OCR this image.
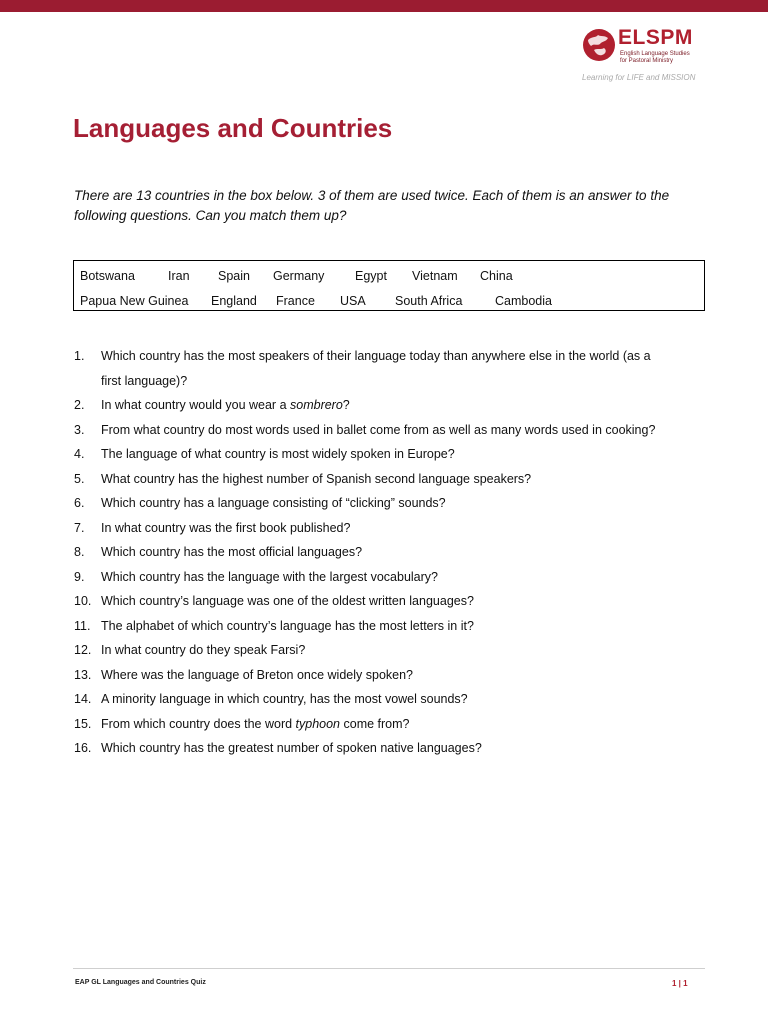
ELSPM
English Language Studies
for Pastoral Ministry
Learning for LIFE and MISSION
Languages and Countries
There are 13 countries in the box below. 3 of them are used twice. Each of them is an answer to the following questions. Can you match them up?
Botswana	Iran Spain Germany Egypt Vietnam China
Papua New Guinea England France USA South Africa	Cambodia
1.	Which country has the most speakers of their language today than anywhere else in the world (as a
first language)?
2.	In what country would you wear a sombrero?
3.	From what country do most words used in ballet come from as well as many words used in cooking?
4.	The language of what country is most widely spoken in Europe?
5.	What country has the highest number of Spanish second language speakers?
6.	Which country has a language consisting of “clicking” sounds?
7.	In what country was the first book published?
8.	Which country has the most official languages?
9.	Which country has the language with the largest vocabulary?
10. Which country’s language was one of the oldest written languages?
11. The alphabet of which country’s language has the most letters in it?
12. In what country do they speak Farsi?
13. Where was the language of Breton once widely spoken?
14. A minority language in which country, has the most vowel sounds?
15. From which country does the word typhoon come from?
16. Which country has the greatest number of spoken native languages?
EAP GL Languages and Countries Quiz	1 | 1
